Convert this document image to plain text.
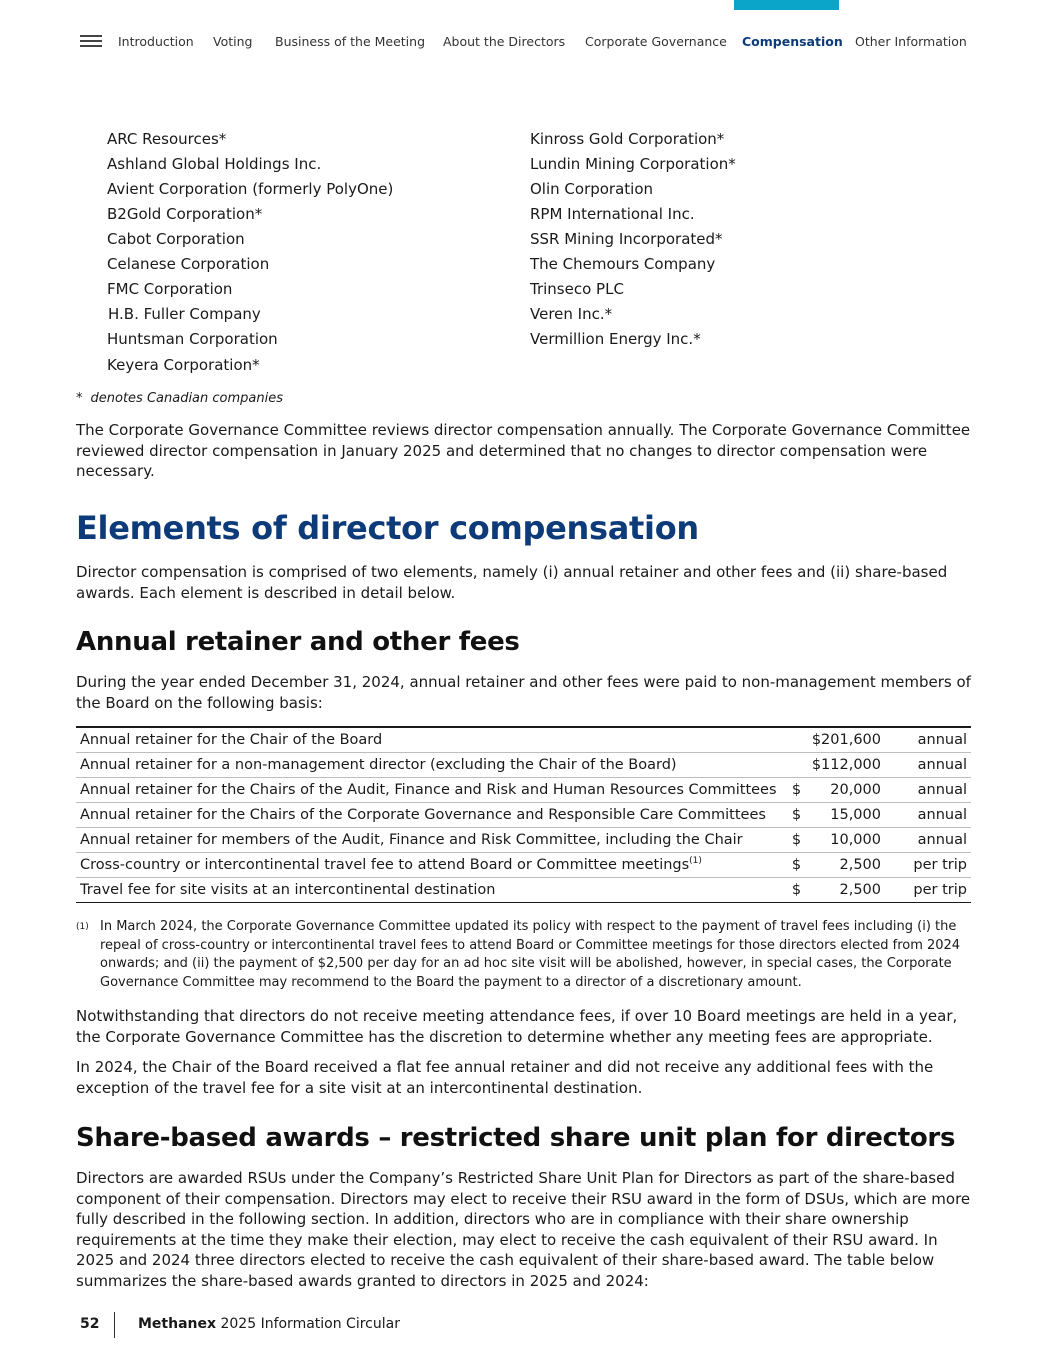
Introduction Voting Business of the Meeting About the Directors Corporate Governance Compensation Other Information
ARC Resources*
Ashland Global Holdings Inc.
Avient Corporation (formerly PolyOne)
B2Gold Corporation*
Cabot Corporation
Celanese Corporation
FMC Corporation
H.B. Fuller Company
Huntsman Corporation
Keyera Corporation*
Kinross Gold Corporation*
Lundin Mining Corporation*
Olin Corporation
RPM International Inc.
SSR Mining Incorporated*
The Chemours Company
Trinseco PLC
Veren Inc.*
Vermillion Energy Inc.*
* denotes Canadian companies

The Corporate Governance Committee reviews director compensation annually. The Corporate Governance Committee reviewed director compensation in January 2025 and determined that no changes to director compensation were necessary.

Elements of director compensation

Director compensation is comprised of two elements, namely (i) annual retainer and other fees and (ii) share-based awards. Each element is described in detail below.

Annual retainer and other fees

During the year ended December 31, 2024, annual retainer and other fees were paid to non-management members of the Board on the following basis:

Annual retainer for the Chair of the Board		$201,600	annual
Annual retainer for a non-management director (excluding the Chair of the Board)		$112,000	annual
Annual retainer for the Chairs of the Audit, Finance and Risk and Human Resources Committees	$	20,000	annual
Annual retainer for the Chairs of the Corporate Governance and Responsible Care Committees	$	15,000	annual
Annual retainer for members of the Audit, Finance and Risk Committee, including the Chair	$	10,000	annual
Cross-country or intercontinental travel fee to attend Board or Committee meetings$^{(1)}$	$	2,500	per trip
Travel fee for site visits at an intercontinental destination	$	2,500	per trip
(1) In March 2024, the Corporate Governance Committee updated its policy with respect to the payment of travel fees including (i) the repeal of cross-country or intercontinental travel fees to attend Board or Committee meetings for those directors elected from 2024 onwards; and (ii) the payment of $2,500 per day for an ad hoc site visit will be abolished, however, in special cases, the Corporate Governance Committee may recommend to the Board the payment to a director of a discretionary amount.

Notwithstanding that directors do not receive meeting attendance fees, if over 10 Board meetings are held in a year, the Corporate Governance Committee has the discretion to determine whether any meeting fees are appropriate.

In 2024, the Chair of the Board received a flat fee annual retainer and did not receive any additional fees with the exception of the travel fee for a site visit at an intercontinental destination.

Share-based awards – restricted share unit plan for directors

Directors are awarded RSUs under the Company’s Restricted Share Unit Plan for Directors as part of the share-based component of their compensation. Directors may elect to receive their RSU award in the form of DSUs, which are more fully described in the following section. In addition, directors who are in compliance with their share ownership requirements at the time they make their election, may elect to receive the cash equivalent of their RSU award. In 2025 and 2024 three directors elected to receive the cash equivalent of their share-based award. The table below summarizes the share-based awards granted to directors in 2025 and 2024:

52	Methanex 2025 Information Circular
